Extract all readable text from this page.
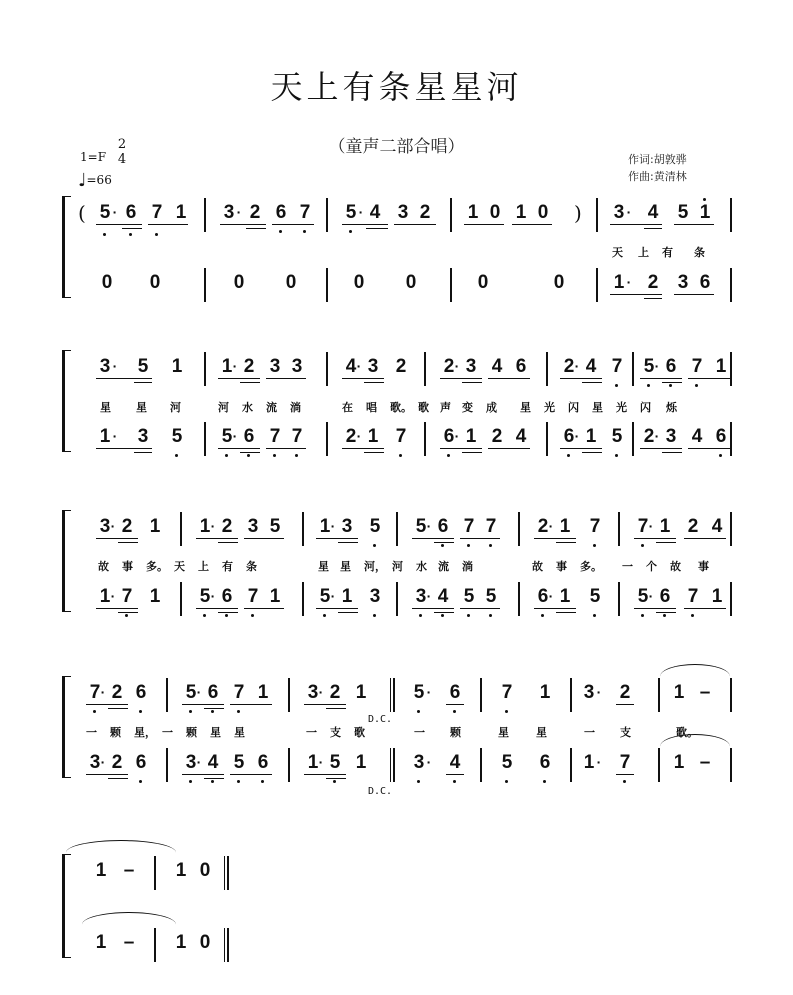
天上有条星星河
（童声二部合唱）
1=F
2
4
♩=66
作词:胡敦骅
作曲:黄清林
( 5 · 6 7 1 3 · 2 6 7 5 · 4 3 2	)
1 0 1 0	3 · 4 5 1
0 0	0 0	0 0	0	0	1 · 2 3 6
天 上 有 条
3 · 5 1 1 · 2 3 3 4 · 3 2 2 · 3 4 6 2 · 4 7 5 · 6 7 1
1 · 3 5 5 · 6 7 7 2 · 1 7 6 · 1 2 4 6 · 1 5 2 · 3 4 6
星 星 河	河 水 流 淌	在 唱 歌。 歌 声 变 成 星 光 闪 星 光 闪 烁
3 · 2 1 1 · 2 3 5 1 · 3 5 5 · 6 7 7 2 · 1 7 7 · 1 2 4
1 · 7 1 5 · 6 7 1 5 · 1 3 3 · 4 5 5 6 · 1 5 5 · 6 7 1
故 事 多。 天 上 有 条	星 星 河， 河 水 流 淌	故 事 多。 一 个 故 事
7 · 2 6 5 · 6 7 1 3 · 2 1 5 · 6 7 1 3 · 2 1 –
3 · 2 6 3 · 4 5 6 1 · 5 1 3 · 4 5 6 1 · 7 1 –
一 颗 星， 一 颗 星 星	一 支 歌	一 颗	星 星	一 支	歌。
D.C.
D.C.
1 – 1 0
1 – 1 0
